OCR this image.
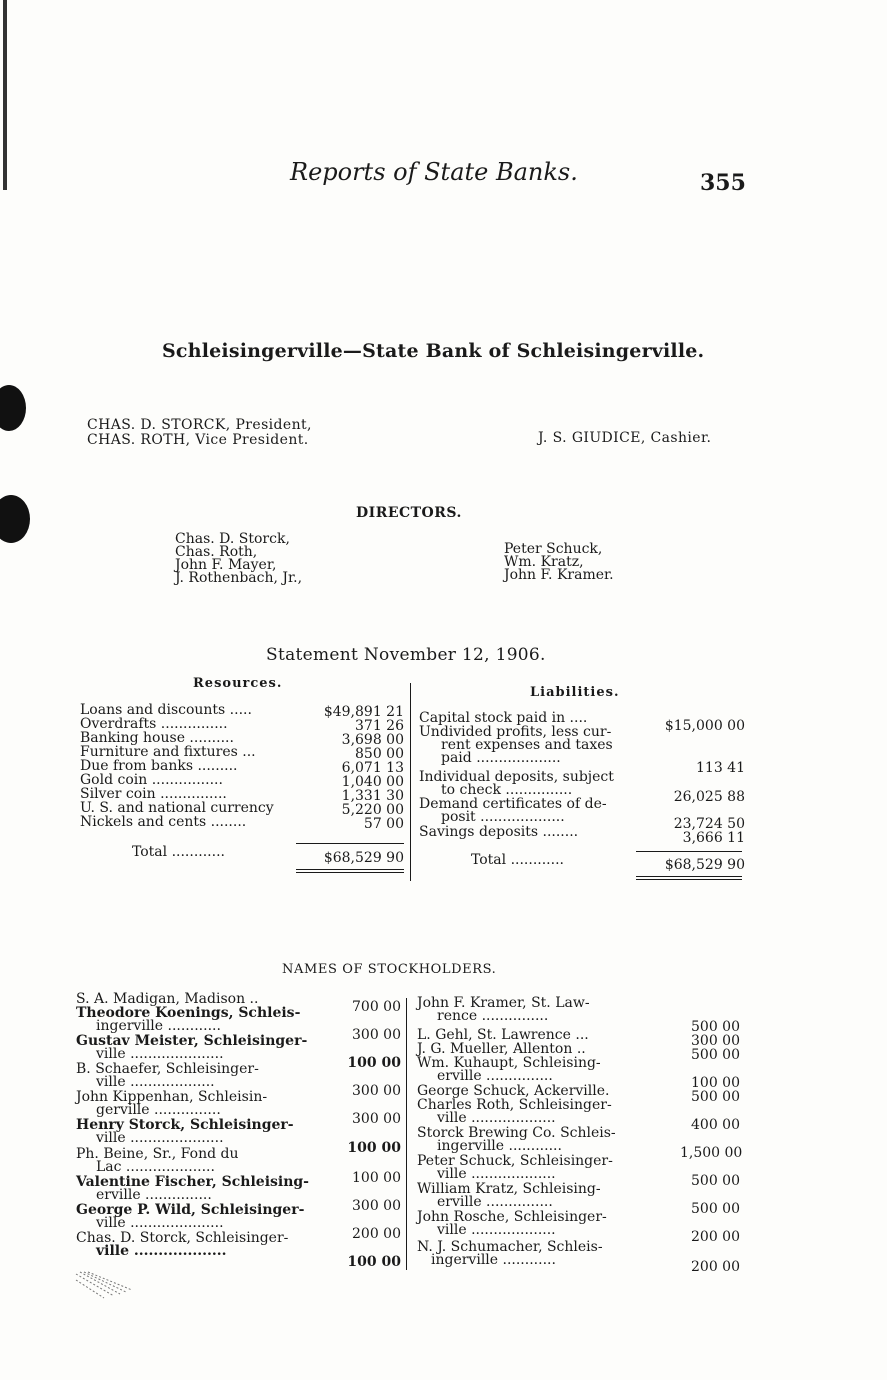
Reports of State Banks.	355
Schleisingerville—State Bank of Schleisingerville.
CHAS. D. STORCK, President,
CHAS. ROTH, Vice President.	J. S. GIUDICE, Cashier.
DIRECTORS.
Chas. D. Storck,
Chas. Roth,
John F. Mayer,
J. Rothenbach, Jr.,
Peter Schuck,
Wm. Kratz,
John F. Kramer.
Statement November 12, 1906.
Resources.
Liabilities.
Loans and discounts .....	$49,891 21
Overdrafts ...............	371 26
Banking house ..........	3,698 00
Furniture and fixtures ...	850 00
Due from banks .........	6,071 13
Gold coin ................	1,040 00
Silver coin ...............	1,331 30
U. S. and national currency	5,220 00
Nickels and cents ........	57 00
Total ............	$68,529 90
Capital stock paid in ....	$15,000 00
Undivided profits, less cur-
rent expenses and taxes
paid ...................
113 41
Individual deposits, subject
to check ...............	26,025 88
Demand certificates of de-
posit ...................	23,724 50
Savings deposits ........	3,666 11
Total ............	$68,529 90
NAMES OF STOCKHOLDERS.
S. A. Madigan, Madison ..	700 00
Theodore Koenings, Schleis-
ingerville ............
300 00
Gustav Meister, Schleisinger-
ville .....................
100 00
B. Schaefer, Schleisinger-
ville ...................
300 00
John Kippenhan, Schleisin-
gerville ...............
300 00
Henry Storck, Schleisinger-
ville .....................
100 00
Ph. Beine, Sr., Fond du
Lac ....................
100 00
Valentine Fischer, Schleising-
erville ...............
300 00
George P. Wild, Schleisinger-
ville .....................
200 00
Chas. D. Storck, Schleisinger-
ville ...................
100 00
John F. Kramer, St. Law-
rence ...............
500 00
L. Gehl, St. Lawrence ...	300 00
J. G. Mueller, Allenton ..	500 00
Wm. Kuhaupt, Schleising-
erville ...............	100 00
George Schuck, Ackerville.	500 00
Charles Roth, Schleisinger-
ville ...................	400 00
Storck Brewing Co. Schleis-
ingerville ............	1,500 00
Peter Schuck, Schleisinger-
ville ...................	500 00
William Kratz, Schleising-
erville ...............	500 00
John Rosche, Schleisinger-
ville ...................	200 00
N. J. Schumacher, Schleis-
ingerville ............	200 00
